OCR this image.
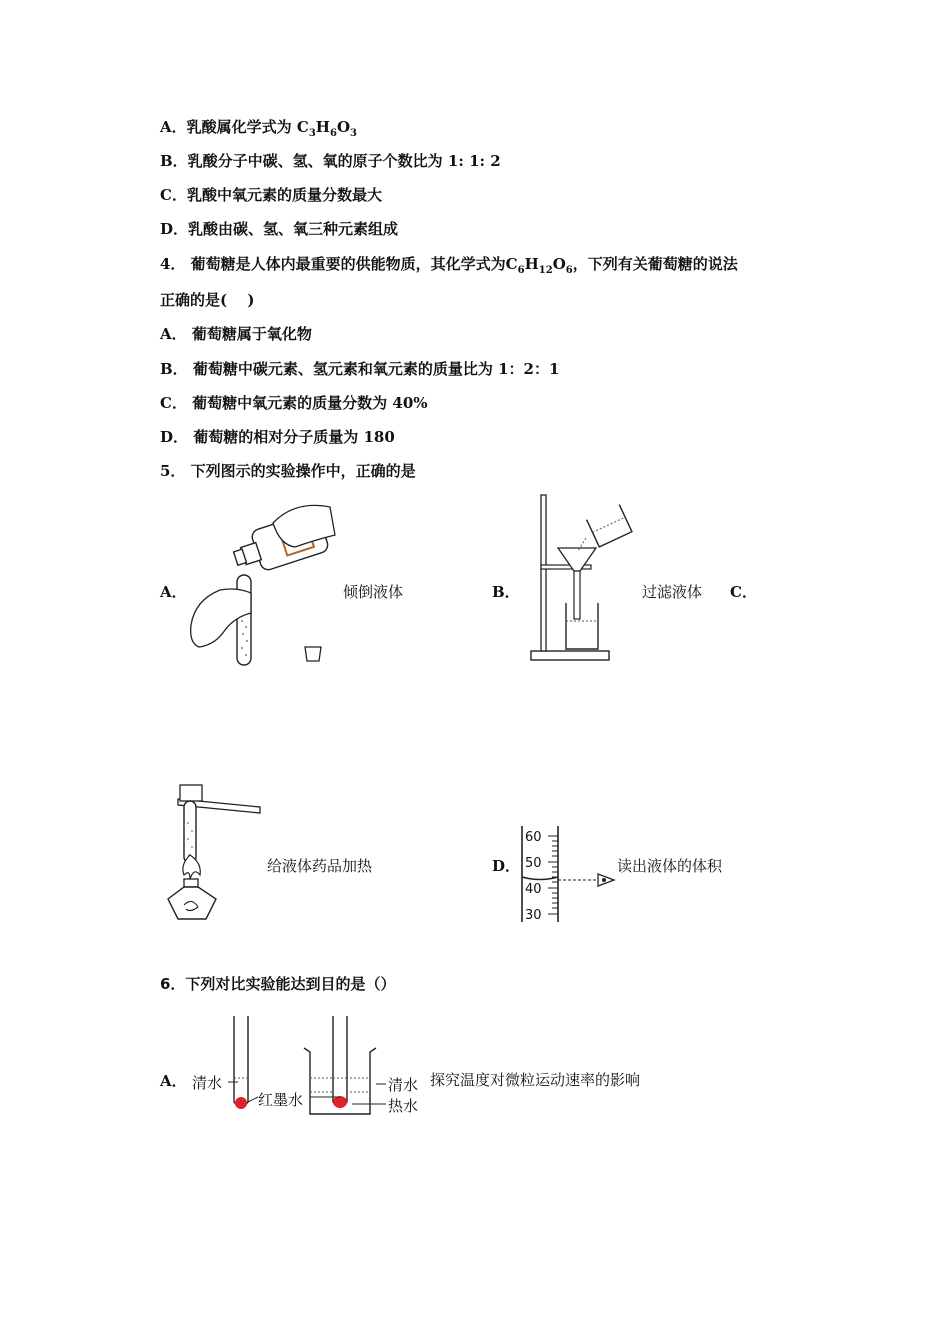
A．乳酸属化学式为 $C_3H_6O_3$
B．乳酸分子中碳、氢、氧的原子个数比为 1: 1: 2
C．乳酸中氧元素的质量分数最大
D．乳酸由碳、氢、氧三种元素组成
4． 葡萄糖是人体内最重要的供能物质，其化学式为$C_6H_{12}O_6$，下列有关葡萄糖的说法
正确的是(　 )
A． 葡萄糖属于氧化物
B． 葡萄糖中碳元素、氢元素和氧元素的质量比为 1：2：1
C． 葡萄糖中氧元素的质量分数为 40%
D． 葡萄糖的相对分子质量为 180
5． 下列图示的实验操作中，正确的是
A．	倾倒液体	B．	过滤液体 C．
给液体药品加热	D．
60
50
40
30
读出液体的体积
6．下列对比实验能达到目的是（）
A． 清水
红墨水
清水
热水
探究温度对微粒运动速率的影响
